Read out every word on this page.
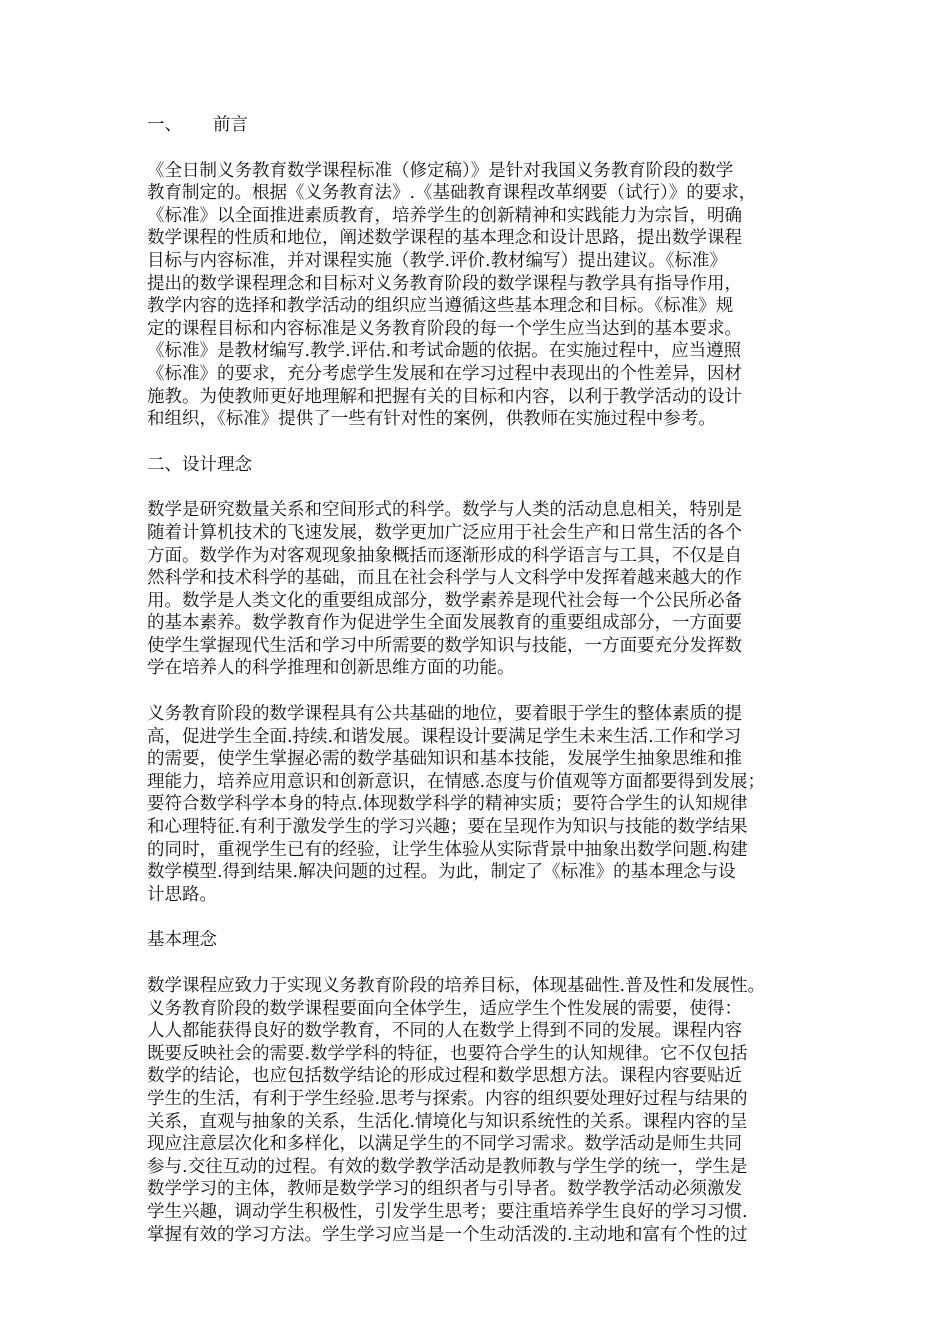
一、 前言
《全日制义务教育数学课程标准（修定稿）》是针对我国义务教育阶段的数学
教育制定的。根据《义务教育法》.《基础教育课程改革纲要（试行）》的要求，
《标准》以全面推进素质教育，培养学生的创新精神和实践能力为宗旨，明确
数学课程的性质和地位，阐述数学课程的基本理念和设计思路，提出数学课程
目标与内容标准，并对课程实施（教学.评价.教材编写）提出建议。《标准》
提出的数学课程理念和目标对义务教育阶段的数学课程与教学具有指导作用，
教学内容的选择和教学活动的组织应当遵循这些基本理念和目标。《标准》规
定的课程目标和内容标准是义务教育阶段的每一个学生应当达到的基本要求。
《标准》是教材编写.教学.评估.和考试命题的依据。在实施过程中，应当遵照
《标准》的要求，充分考虑学生发展和在学习过程中表现出的个性差异，因材
施教。为使教师更好地理解和把握有关的目标和内容，以利于教学活动的设计
和组织，《标准》提供了一些有针对性的案例，供教师在实施过程中参考。
二、设计理念
数学是研究数量关系和空间形式的科学。数学与人类的活动息息相关，特别是
随着计算机技术的飞速发展，数学更加广泛应用于社会生产和日常生活的各个
方面。数学作为对客观现象抽象概括而逐渐形成的科学语言与工具，不仅是自
然科学和技术科学的基础，而且在社会科学与人文科学中发挥着越来越大的作
用。数学是人类文化的重要组成部分，数学素养是现代社会每一个公民所必备
的基本素养。数学教育作为促进学生全面发展教育的重要组成部分，一方面要
使学生掌握现代生活和学习中所需要的数学知识与技能，一方面要充分发挥数
学在培养人的科学推理和创新思维方面的功能。
义务教育阶段的数学课程具有公共基础的地位，要着眼于学生的整体素质的提
高，促进学生全面.持续.和谐发展。课程设计要满足学生未来生活.工作和学习
的需要，使学生掌握必需的数学基础知识和基本技能，发展学生抽象思维和推
理能力，培养应用意识和创新意识，在情感.态度与价值观等方面都要得到发展；
要符合数学科学本身的特点.体现数学科学的精神实质；要符合学生的认知规律
和心理特征.有利于激发学生的学习兴趣；要在呈现作为知识与技能的数学结果
的同时，重视学生已有的经验，让学生体验从实际背景中抽象出数学问题.构建
数学模型.得到结果.解决问题的过程。为此，制定了《标准》的基本理念与设
计思路。
基本理念
数学课程应致力于实现义务教育阶段的培养目标，体现基础性.普及性和发展性。
义务教育阶段的数学课程要面向全体学生，适应学生个性发展的需要，使得：
人人都能获得良好的数学教育，不同的人在数学上得到不同的发展。课程内容
既要反映社会的需要.数学学科的特征，也要符合学生的认知规律。它不仅包括
数学的结论，也应包括数学结论的形成过程和数学思想方法。课程内容要贴近
学生的生活，有利于学生经验.思考与探索。内容的组织要处理好过程与结果的
关系，直观与抽象的关系，生活化.情境化与知识系统性的关系。课程内容的呈
现应注意层次化和多样化，以满足学生的不同学习需求。数学活动是师生共同
参与.交往互动的过程。有效的数学教学活动是教师教与学生学的统一，学生是
数学学习的主体，教师是数学学习的组织者与引导者。数学教学活动必须激发
学生兴趣，调动学生积极性，引发学生思考；要注重培养学生良好的学习习惯.
掌握有效的学习方法。学生学习应当是一个生动活泼的.主动地和富有个性的过
